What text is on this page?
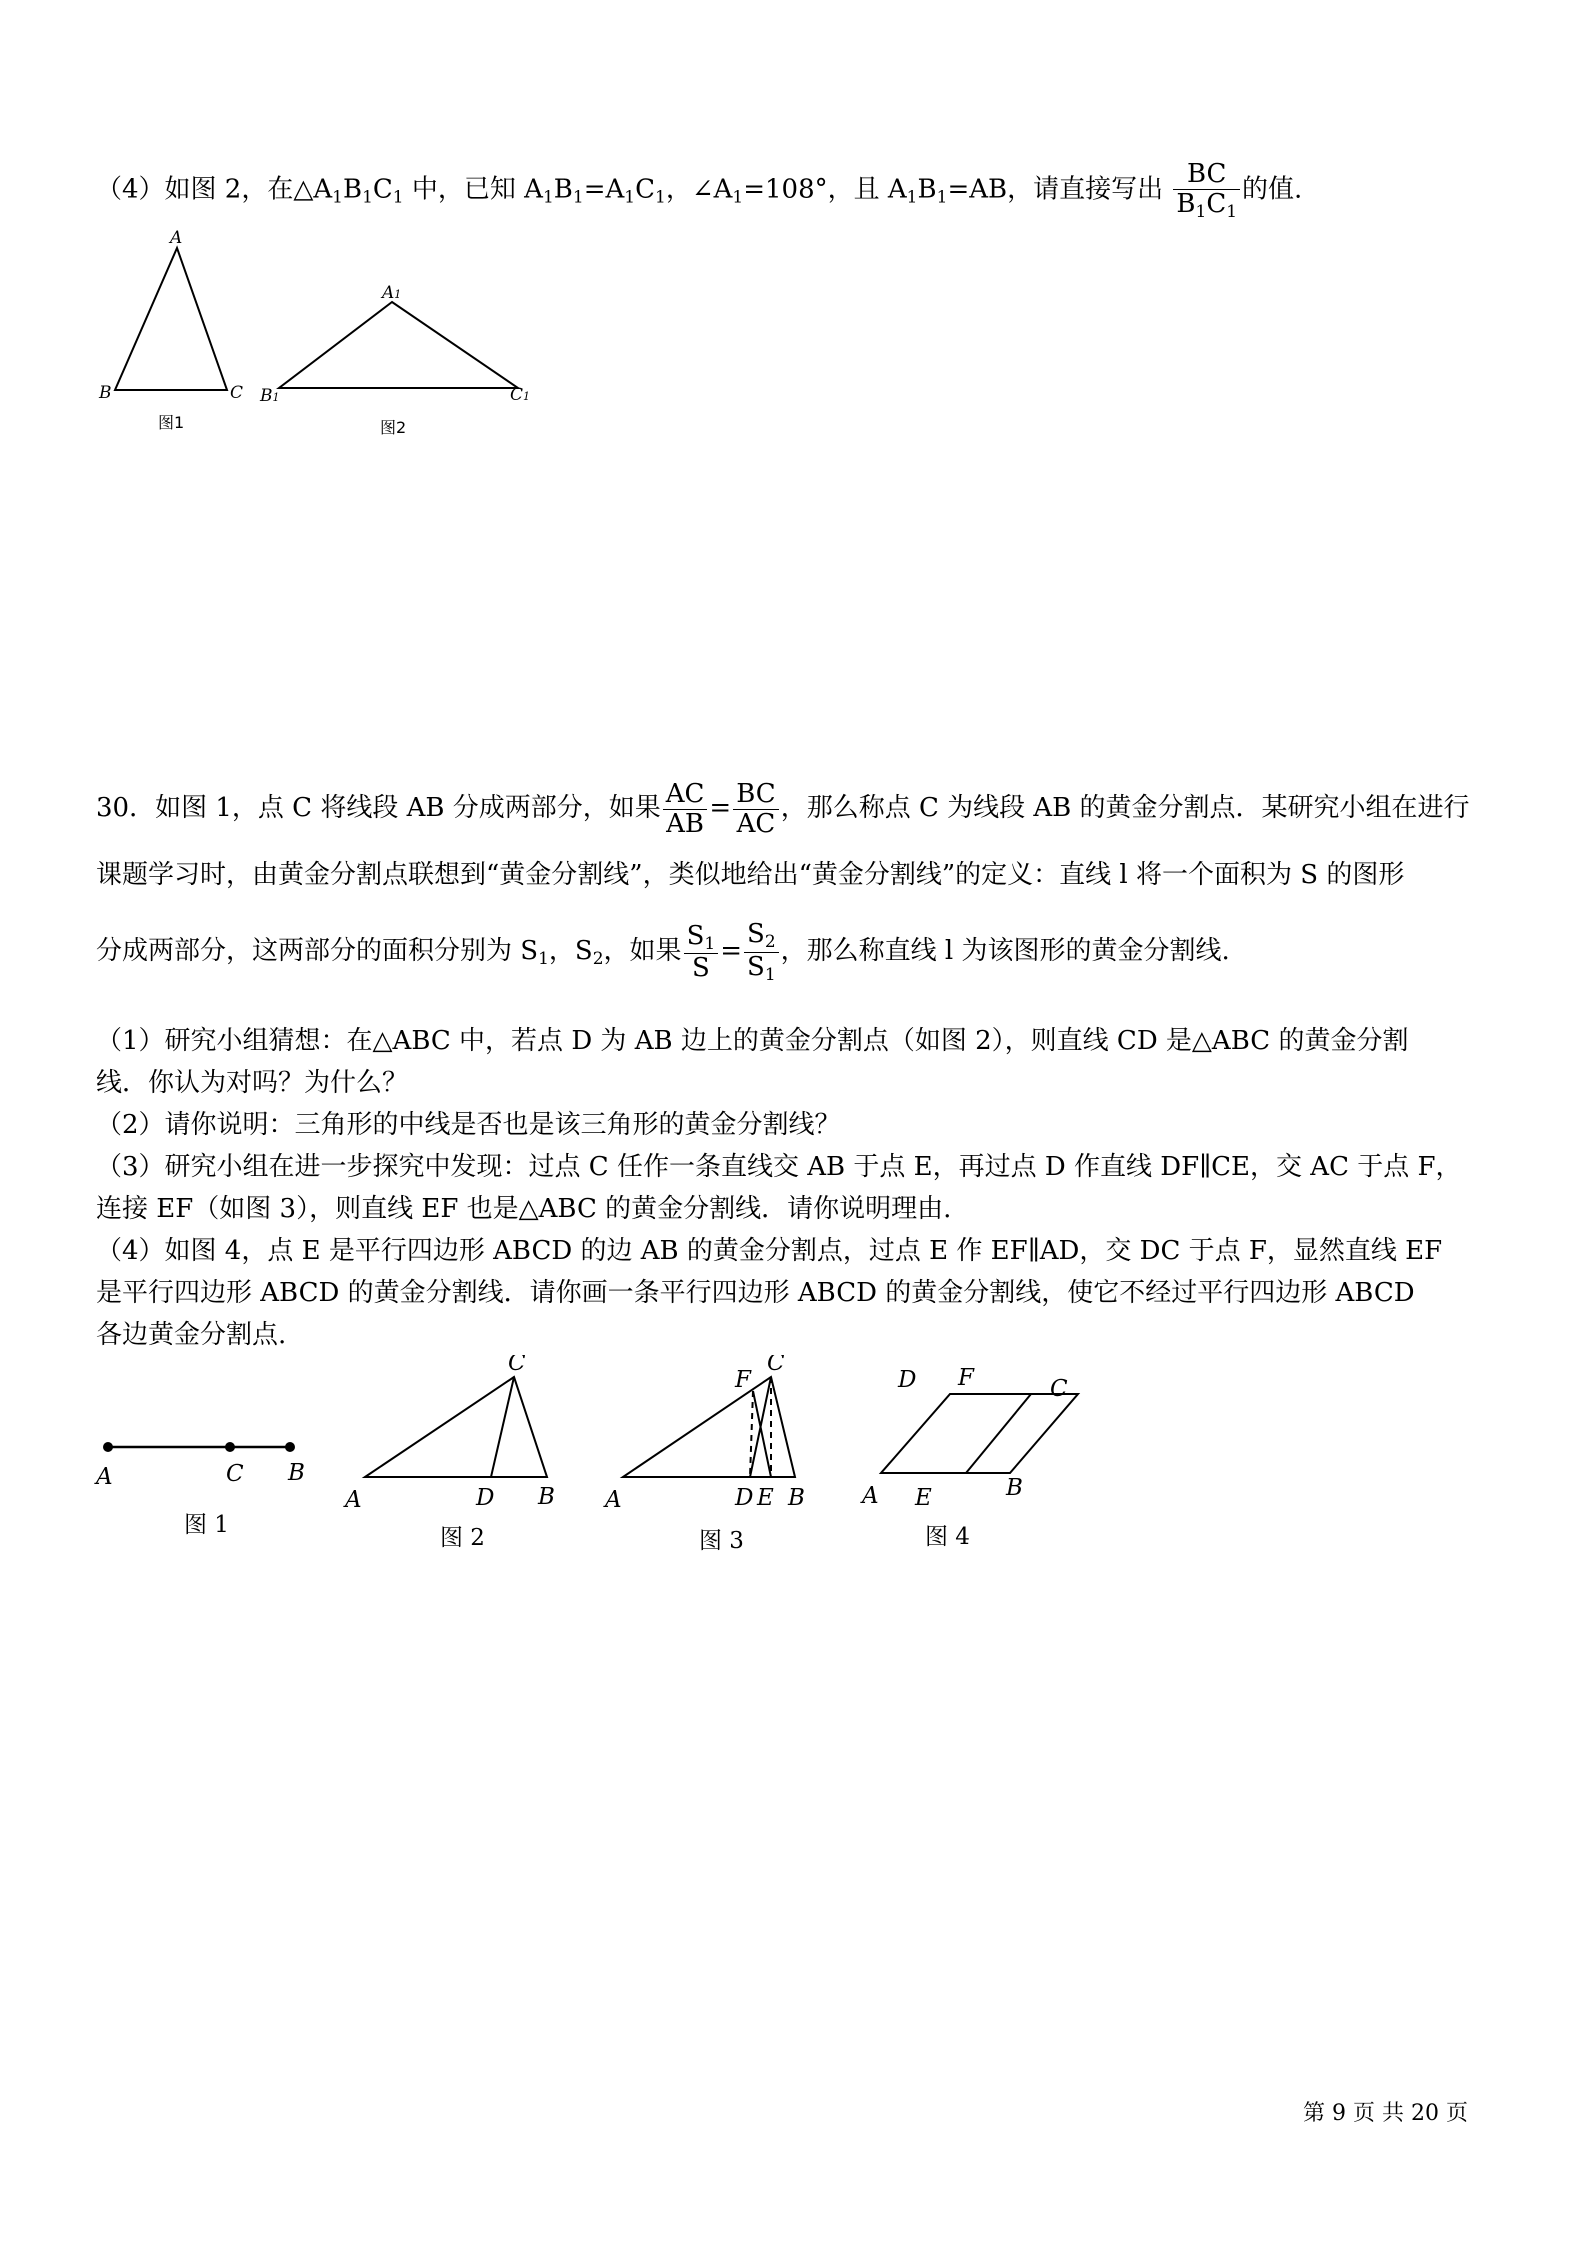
（4）如图 2，在$\triangle A_1B_1C_1$ 中，已知 $A_1B_1=A_1C_1$，$\angle A_1=108^\circ$，且 $A_1B_1=AB$，请直接写出 $\frac{BC}{B_1C_1}$ 的值.
A
B	C
A1
B1	C1
图1	图2
30．如图 1，点 C 将线段 AB 分成两部分，如果 $\frac{AC}{AB} = \frac{BC}{AC}$ ，那么称点 C 为线段 AB 的黄金分割点．某研究小组在进行
课题学习时，由黄金分割点联想到“黄金分割线”，类似地给出“黄金分割线”的定义：直线 l 将一个面积为 S 的图形
分成两部分，这两部分的面积分别为 $S_1$，$S_2$，如果 $\frac{S_1}{S} = \frac{S_2}{S_1}$ ，那么称直线 l 为该图形的黄金分割线.
（1）研究小组猜想：在△ABC 中，若点 D 为 AB 边上的黄金分割点（如图 2），则直线 CD 是△ABC 的黄金分割
线．你认为对吗？为什么？
（2）请你说明：三角形的中线是否也是该三角形的黄金分割线？
（3）研究小组在进一步探究中发现：过点 C 任作一条直线交 AB 于点 E，再过点 D 作直线 DF∥CE，交 AC 于点 F，
连接 EF（如图 3），则直线 EF 也是△ABC 的黄金分割线．请你说明理由.
（4）如图 4，点 E 是平行四边形 ABCD 的边 AB 的黄金分割点，过点 E 作 EF∥AD，交 DC 于点 F，显然直线 EF
是平行四边形 ABCD 的黄金分割线．请你画一条平行四边形 ABCD 的黄金分割线，使它不经过平行四边形 ABCD
各边黄金分割点.
A	C B
图 1
A	D B
C
图 2
A	D E B
C
F
图 3
A E	B
D F	C
图 4
第 9 页 共 20 页
